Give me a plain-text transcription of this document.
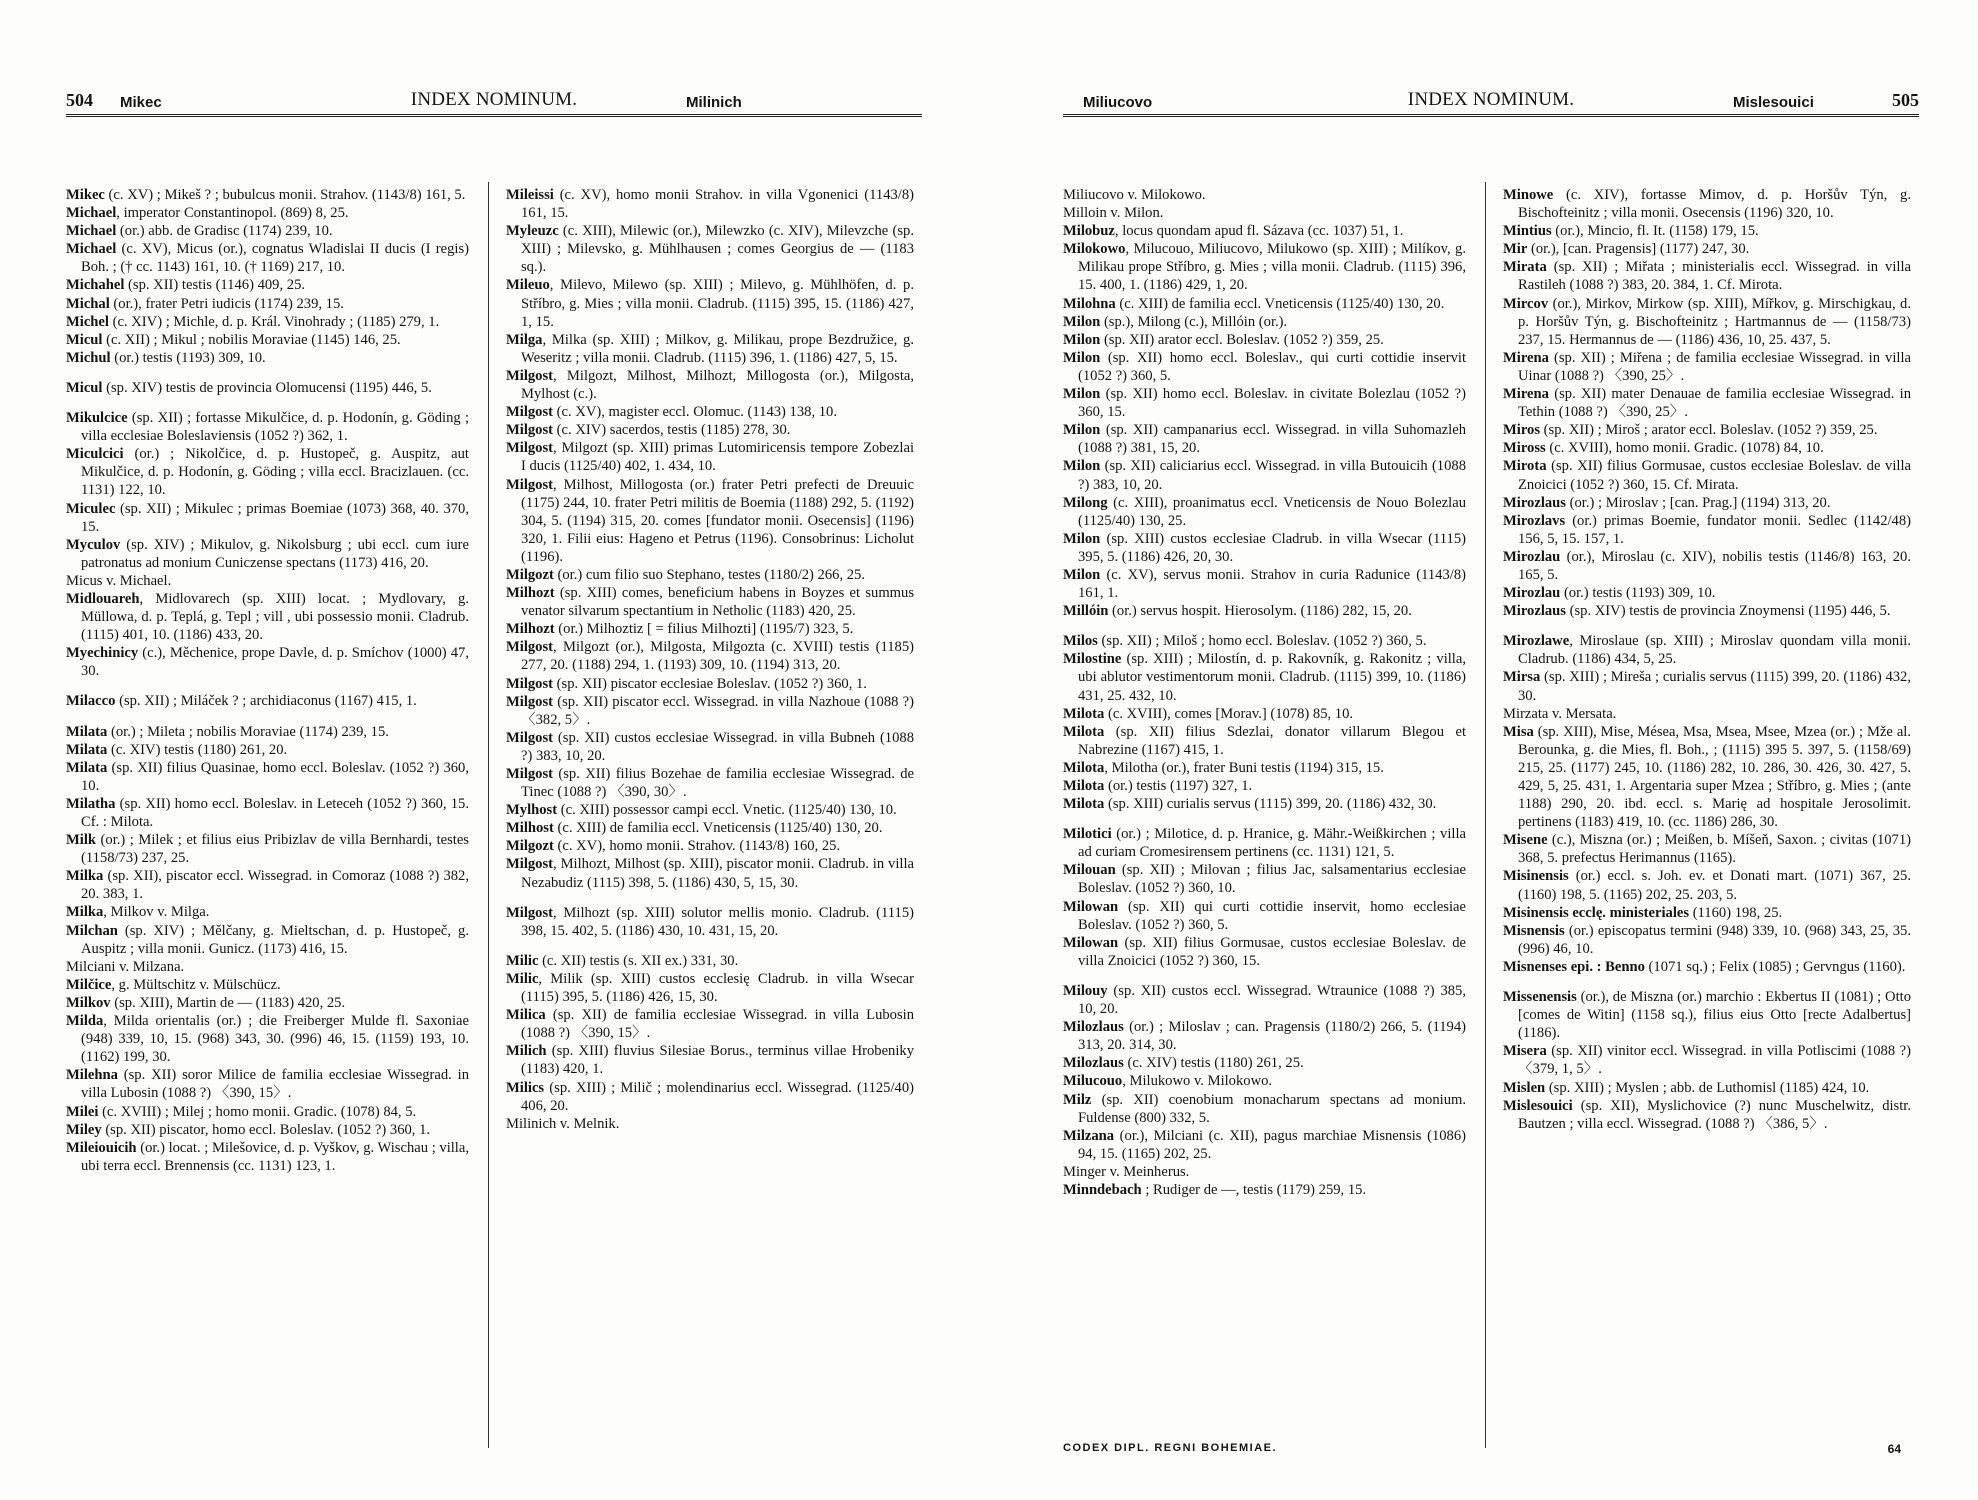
504 Mikec	INDEX NOMINUM.	Milinich

Mikec (c. XV) ; Mikeš ? ; bubulcus monii. Strahov. (1143/8) 161, 5.

Michael, imperator Constantinopol. (869) 8, 25.

Michael (or.) abb. de Gradisc (1174) 239, 10.

Michael (c. XV), Micus (or.), cognatus Wladislai II ducis (I regis) Boh. ; († cc. 1143) 161, 10. († 1169) 217, 10.

Michahel (sp. XII) testis (1146) 409, 25.

Michal (or.), frater Petri iudicis (1174) 239, 15.

Michel (c. XIV) ; Michle, d. p. Král. Vinohrady ; (1185) 279, 1.

Micul (c. XII) ; Mikul ; nobilis Moraviae (1145) 146, 25.

Michul (or.) testis (1193) 309, 10.

Micul (sp. XIV) testis de provincia Olomucensi (1195) 446, 5.

Mikulcice (sp. XII) ; fortasse Mikulčice, d. p. Hodonín, g. Göding ; villa ecclesiae Boleslaviensis (1052 ?) 362, 1.

Miculcici (or.) ; Nikolčice, d. p. Hustopeč, g. Auspitz, aut Mikulčice, d. p. Hodonín, g. Göding ; villa eccl. Bracizlauen. (cc. 1131) 122, 10.

Miculec (sp. XII) ; Mikulec ; primas Boemiae (1073) 368, 40. 370, 15.

Myculov (sp. XIV) ; Mikulov, g. Nikolsburg ; ubi eccl. cum iure patronatus ad monium Cuniczense spectans (1173) 416, 20.

Micus v. Michael.

Midlouareh, Midlovarech (sp. XIII) locat. ; Mydlovary, g. Müllowa, d. p. Teplá, g. Tepl ; vill , ubi possessio monii. Cladrub. (1115) 401, 10. (1186) 433, 20.

Myechinicy (c.), Měchenice, prope Davle, d. p. Smíchov (1000) 47, 30.

Milacco (sp. XII) ; Miláček ? ; archidiaconus (1167) 415, 1.

Milata (or.) ; Mileta ; nobilis Moraviae (1174) 239, 15.

Milata (c. XIV) testis (1180) 261, 20.

Milata (sp. XII) filius Quasinae, homo eccl. Boleslav. (1052 ?) 360, 10.

Milatha (sp. XII) homo eccl. Boleslav. in Leteceh (1052 ?) 360, 15. Cf. : Milota.

Milk (or.) ; Milek ; et filius eius Pribizlav de villa Bernhardi, testes (1158/73) 237, 25.

Milka (sp. XII), piscator eccl. Wissegrad. in Comoraz (1088 ?) 382, 20. 383, 1.

Milka, Milkov v. Milga.

Milchan (sp. XIV) ; Mělčany, g. Mieltschan, d. p. Hustopeč, g. Auspitz ; villa monii. Gunicz. (1173) 416, 15.

Milciani v. Milzana.

Milčice, g. Mültschitz v. Mülschücz.

Milkov (sp. XIII), Martin de — (1183) 420, 25.

Milda, Milda orientalis (or.) ; die Freiberger Mulde fl. Saxoniae (948) 339, 10, 15. (968) 343, 30. (996) 46, 15. (1159) 193, 10. (1162) 199, 30.

Milehna (sp. XII) soror Milice de familia ecclesiae Wissegrad. in villa Lubosin (1088 ?) 〈390, 15〉.

Milei (c. XVIII) ; Milej ; homo monii. Gradic. (1078) 84, 5.

Miley (sp. XII) piscator, homo eccl. Boleslav. (1052 ?) 360, 1.

Mileiouicih (or.) locat. ; Milešovice, d. p. Vyškov, g. Wischau ; villa, ubi terra eccl. Brennensis (cc. 1131) 123, 1.

Mileissi (c. XV), homo monii Strahov. in villa Vgonenici (1143/8) 161, 15.

Myleuzc (c. XIII), Milewic (or.), Milewzko (c. XIV), Milevzche (sp. XIII) ; Milevsko, g. Mühlhausen ; comes Georgius de — (1183 sq.).

Mileuo, Milevo, Milewo (sp. XIII) ; Milevo, g. Mühlhöfen, d. p. Stříbro, g. Mies ; villa monii. Cladrub. (1115) 395, 15. (1186) 427, 1, 15.

Milga, Milka (sp. XIII) ; Milkov, g. Milikau, prope Bezdružice, g. Weseritz ; villa monii. Cladrub. (1115) 396, 1. (1186) 427, 5, 15.

Milgost, Milgozt, Milhost, Milhozt, Millogosta (or.), Milgosta, Mylhost (c.).

Milgost (c. XV), magister eccl. Olomuc. (1143) 138, 10.

Milgost (c. XIV) sacerdos, testis (1185) 278, 30.

Milgost, Milgozt (sp. XIII) primas Lutomiricensis tempore Zobezlai I ducis (1125/40) 402, 1. 434, 10.

Milgost, Milhost, Millogosta (or.) frater Petri prefecti de Dreuuic (1175) 244, 10. frater Petri militis de Boemia (1188) 292, 5. (1192) 304, 5. (1194) 315, 20. comes [fundator monii. Osecensis] (1196) 320, 1. Filii eius: Hageno et Petrus (1196). Consobrinus: Licholut (1196).

Milgozt (or.) cum filio suo Stephano, testes (1180/2) 266, 25.

Milhozt (sp. XIII) comes, beneficium habens in Boyzes et summus venator silvarum spectantium in Netholic (1183) 420, 25.

Milhozt (or.) Milhoztiz [ = filius Milhozti] (1195/7) 323, 5.

Milgost, Milgozt (or.), Milgosta, Milgozta (c. XVIII) testis (1185) 277, 20. (1188) 294, 1. (1193) 309, 10. (1194) 313, 20.

Milgost (sp. XII) piscator ecclesiae Boleslav. (1052 ?) 360, 1.

Milgost (sp. XII) piscator eccl. Wissegrad. in villa Nazhoue (1088 ?) 〈382, 5〉.

Milgost (sp. XII) custos ecclesiae Wissegrad. in villa Bubneh (1088 ?) 383, 10, 20.

Milgost (sp. XII) filius Bozehae de familia ecclesiae Wissegrad. de Tinec (1088 ?) 〈390, 30〉.

Mylhost (c. XIII) possessor campi eccl. Vnetic. (1125/40) 130, 10.

Milhost (c. XIII) de familia eccl. Vneticensis (1125/40) 130, 20.

Milgozt (c. XV), homo monii. Strahov. (1143/8) 160, 25.

Milgost, Milhozt, Milhost (sp. XIII), piscator monii. Cladrub. in villa Nezabudiz (1115) 398, 5. (1186) 430, 5, 15, 30.

Milgost, Milhozt (sp. XIII) solutor mellis monio. Cladrub. (1115) 398, 15. 402, 5. (1186) 430, 10. 431, 15, 20.

Milic (c. XII) testis (s. XII ex.) 331, 30.

Milic, Milik (sp. XIII) custos ecclesię Cladrub. in villa Wsecar (1115) 395, 5. (1186) 426, 15, 30.

Milica (sp. XII) de familia ecclesiae Wissegrad. in villa Lubosin (1088 ?) 〈390, 15〉.

Milich (sp. XIII) fluvius Silesiae Borus., terminus villae Hrobeniky (1183) 420, 1.

Milics (sp. XIII) ; Milič ; molendinarius eccl. Wissegrad. (1125/40) 406, 20.

Milinich v. Melnik.

Miliucovo	INDEX NOMINUM.	Mislesouici	505

Miliucovo v. Milokowo.

Milloin v. Milon.

Milobuz, locus quondam apud fl. Sázava (cc. 1037) 51, 1.

Milokowo, Milucouo, Miliucovo, Milukowo (sp. XIII) ; Milíkov, g. Milikau prope Stříbro, g. Mies ; villa monii. Cladrub. (1115) 396, 15. 400, 1. (1186) 429, 1, 20.

Milohna (c. XIII) de familia eccl. Vneticensis (1125/40) 130, 20.

Milon (sp.), Milong (c.), Millóin (or.).

Milon (sp. XII) arator eccl. Boleslav. (1052 ?) 359, 25.

Milon (sp. XII) homo eccl. Boleslav., qui curti cottidie inservit (1052 ?) 360, 5.

Milon (sp. XII) homo eccl. Boleslav. in civitate Bolezlau (1052 ?) 360, 15.

Milon (sp. XII) campanarius eccl. Wissegrad. in villa Suhomazleh (1088 ?) 381, 15, 20.

Milon (sp. XII) caliciarius eccl. Wissegrad. in villa Butouicih (1088 ?) 383, 10, 20.

Milong (c. XIII), proanimatus eccl. Vneticensis de Nouo Bolezlau (1125/40) 130, 25.

Milon (sp. XIII) custos ecclesiae Cladrub. in villa Wsecar (1115) 395, 5. (1186) 426, 20, 30.

Milon (c. XV), servus monii. Strahov in curia Radunice (1143/8) 161, 1.

Millóin (or.) servus hospit. Hierosolym. (1186) 282, 15, 20.

Milos (sp. XII) ; Miloš ; homo eccl. Boleslav. (1052 ?) 360, 5.

Milostine (sp. XIII) ; Milostín, d. p. Rakovník, g. Rakonitz ; villa, ubi ablutor vestimentorum monii. Cladrub. (1115) 399, 10. (1186) 431, 25. 432, 10.

Milota (c. XVIII), comes [Morav.] (1078) 85, 10.

Milota (sp. XII) filius Sdezlai, donator villarum Blegou et Nabrezine (1167) 415, 1.

Milota, Milotha (or.), frater Buni testis (1194) 315, 15.

Milota (or.) testis (1197) 327, 1.

Milota (sp. XIII) curialis servus (1115) 399, 20. (1186) 432, 30.

Milotici (or.) ; Milotice, d. p. Hranice, g. Mähr.-Weißkirchen ; villa ad curiam Cromesirensem pertinens (cc. 1131) 121, 5.

Milouan (sp. XII) ; Milovan ; filius Jac, salsamentarius ecclesiae Boleslav. (1052 ?) 360, 10.

Milowan (sp. XII) qui curti cottidie inservit, homo ecclesiae Boleslav. (1052 ?) 360, 5.

Milowan (sp. XII) filius Gormusae, custos ecclesiae Boleslav. de villa Znoicici (1052 ?) 360, 15.

Milouy (sp. XII) custos eccl. Wissegrad. Wtraunice (1088 ?) 385, 10, 20.

Milozlaus (or.) ; Miloslav ; can. Pragensis (1180/2) 266, 5. (1194) 313, 20. 314, 30.

Milozlaus (c. XIV) testis (1180) 261, 25.

Milucouo, Milukowo v. Milokowo.

Milz (sp. XII) coenobium monacharum spectans ad monium. Fuldense (800) 332, 5.

Milzana (or.), Milciani (c. XII), pagus marchiae Misnensis (1086) 94, 15. (1165) 202, 25.

Minger v. Meinherus.

Minndebach ; Rudiger de —, testis (1179) 259, 15.

Minowe (c. XIV), fortasse Mimov, d. p. Horšův Týn, g. Bischofteinitz ; villa monii. Osecensis (1196) 320, 10.

Mintius (or.), Mincio, fl. It. (1158) 179, 15.

Mir (or.), [can. Pragensis] (1177) 247, 30.

Mirata (sp. XII) ; Miřata ; ministerialis eccl. Wissegrad. in villa Rastileh (1088 ?) 383, 20. 384, 1. Cf. Mirota.

Mircov (or.), Mirkov, Mirkow (sp. XIII), Mířkov, g. Mirschigkau, d. p. Horšův Týn, g. Bischofteinitz ; Hartmannus de — (1158/73) 237, 15. Hermannus de — (1186) 436, 10, 25. 437, 5.

Mirena (sp. XII) ; Miřena ; de familia ecclesiae Wissegrad. in villa Uinar (1088 ?) 〈390, 25〉.

Mirena (sp. XII) mater Denauae de familia ecclesiae Wissegrad. in Tethin (1088 ?) 〈390, 25〉.

Miros (sp. XII) ; Miroš ; arator eccl. Boleslav. (1052 ?) 359, 25.

Miross (c. XVIII), homo monii. Gradic. (1078) 84, 10.

Mirota (sp. XII) filius Gormusae, custos ecclesiae Boleslav. de villa Znoicici (1052 ?) 360, 15. Cf. Mirata.

Mirozlaus (or.) ; Miroslav ; [can. Prag.] (1194) 313, 20.

Mirozlavs (or.) primas Boemie, fundator monii. Sedlec (1142/48) 156, 5, 15. 157, 1.

Mirozlau (or.), Miroslau (c. XIV), nobilis testis (1146/8) 163, 20. 165, 5.

Mirozlau (or.) testis (1193) 309, 10.

Mirozlaus (sp. XIV) testis de provincia Znoymensi (1195) 446, 5.

Mirozlawe, Miroslaue (sp. XIII) ; Miroslav quondam villa monii. Cladrub. (1186) 434, 5, 25.

Mirsa (sp. XIII) ; Mireša ; curialis servus (1115) 399, 20. (1186) 432, 30.

Mirzata v. Mersata.

Misa (sp. XIII), Mise, Mésea, Msa, Msea, Msee, Mzea (or.) ; Mže al. Berounka, g. die Mies, fl. Boh., ; (1115) 395 5. 397, 5. (1158/69) 215, 25. (1177) 245, 10. (1186) 282, 10. 286, 30. 426, 30. 427, 5. 429, 5, 25. 431, 1. Argentaria super Mzea ; Stříbro, g. Mies ; (ante 1188) 290, 20. ibd. eccl. s. Marię ad hospitale Jerosolimit. pertinens (1183) 419, 10. (cc. 1186) 286, 30.

Misene (c.), Miszna (or.) ; Meißen, b. Míšeň, Saxon. ; civitas (1071) 368, 5. prefectus Herimannus (1165).

Misinensis (or.) eccl. s. Joh. ev. et Donati mart. (1071) 367, 25. (1160) 198, 5. (1165) 202, 25. 203, 5.

Misinensis ecclę. ministeriales (1160) 198, 25.

Misnensis (or.) episcopatus termini (948) 339, 10. (968) 343, 25, 35. (996) 46, 10.

Misnenses epi. : Benno (1071 sq.) ; Felix (1085) ; Gervngus (1160).

Missenensis (or.), de Miszna (or.) marchio : Ekbertus II (1081) ; Otto [comes de Witin] (1158 sq.), filius eius Otto [recte Adalbertus] (1186).

Misera (sp. XII) vinitor eccl. Wissegrad. in villa Potliscimi (1088 ?) 〈379, 1, 5〉.

Mislen (sp. XIII) ; Myslen ; abb. de Luthomisl (1185) 424, 10.

Mislesouici (sp. XII), Myslichovice (?) nunc Muschelwitz, distr. Bautzen ; villa eccl. Wissegrad. (1088 ?) 〈386, 5〉.

CODEX DIPL. REGNI BOHEMIAE.	64
